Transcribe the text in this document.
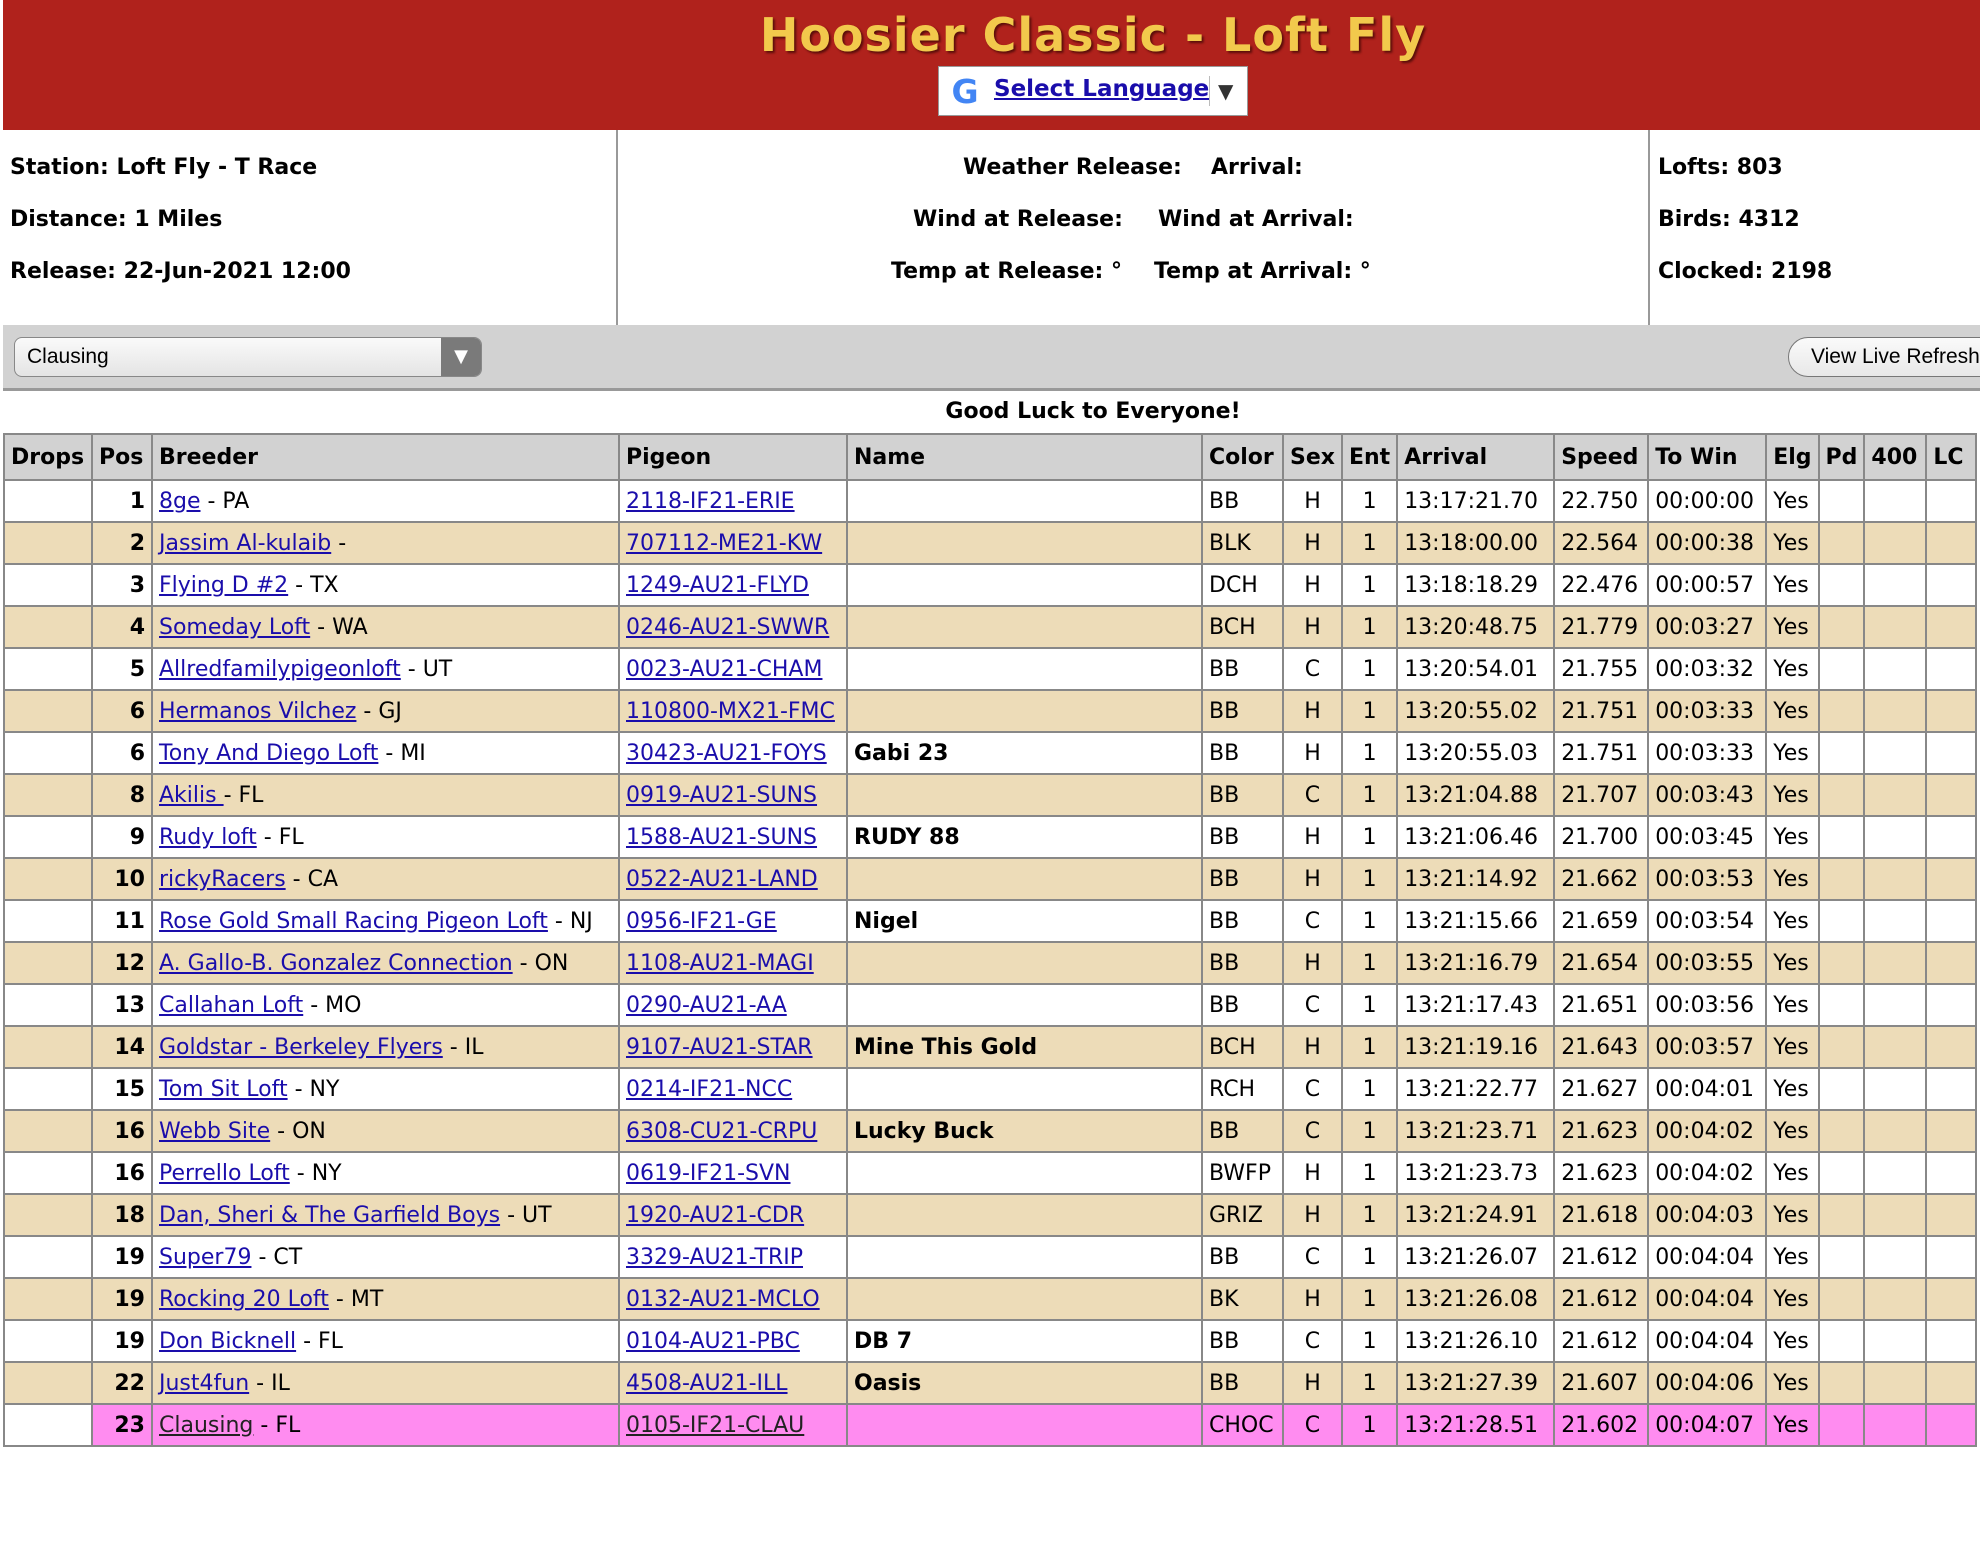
Hoosier Classic - Loft Fly
G Select Language ▼
Station: Loft Fly - T Race
Distance: 1 Miles
Release: 22-Jun-2021 12:00
Weather Release: Arrival:
Wind at Release: Wind at Arrival:
Temp at Release: ° Temp at Arrival: °
Lofts: 803
Birds: 4312
Clocked: 2198
Clausing	▼	View Live Refresh
Good Luck to Everyone!
Drops	Pos	Breeder	Pigeon	Name	Color	Sex	Ent	Arrival	Speed	To Win	Elg	Pd	400	LC
	1	8ge - PA	2118-IF21-ERIE		BB	H	1	13:17:21.70	22.750	00:00:00	Yes			
	2	Jassim Al-kulaib -	707112-ME21-KW		BLK	H	1	13:18:00.00	22.564	00:00:38	Yes			
	3	Flying D #2 - TX	1249-AU21-FLYD		DCH	H	1	13:18:18.29	22.476	00:00:57	Yes			
	4	Someday Loft - WA	0246-AU21-SWWR		BCH	H	1	13:20:48.75	21.779	00:03:27	Yes			
	5	Allredfamilypigeonloft - UT	0023-AU21-CHAM		BB	C	1	13:20:54.01	21.755	00:03:32	Yes			
	6	Hermanos Vilchez - GJ	110800-MX21-FMC		BB	H	1	13:20:55.02	21.751	00:03:33	Yes			
	6	Tony And Diego Loft - MI	30423-AU21-FOYS	Gabi 23	BB	H	1	13:20:55.03	21.751	00:03:33	Yes			
	8	Akilis - FL	0919-AU21-SUNS		BB	C	1	13:21:04.88	21.707	00:03:43	Yes			
	9	Rudy loft - FL	1588-AU21-SUNS	RUDY 88	BB	H	1	13:21:06.46	21.700	00:03:45	Yes			
	10	rickyRacers - CA	0522-AU21-LAND		BB	H	1	13:21:14.92	21.662	00:03:53	Yes			
	11	Rose Gold Small Racing Pigeon Loft - NJ	0956-IF21-GE	Nigel	BB	C	1	13:21:15.66	21.659	00:03:54	Yes			
	12	A. Gallo-B. Gonzalez Connection - ON	1108-AU21-MAGI		BB	H	1	13:21:16.79	21.654	00:03:55	Yes			
	13	Callahan Loft - MO	0290-AU21-AA		BB	C	1	13:21:17.43	21.651	00:03:56	Yes			
	14	Goldstar - Berkeley Flyers - IL	9107-AU21-STAR	Mine This Gold	BCH	H	1	13:21:19.16	21.643	00:03:57	Yes			
	15	Tom Sit Loft - NY	0214-IF21-NCC		RCH	C	1	13:21:22.77	21.627	00:04:01	Yes			
	16	Webb Site - ON	6308-CU21-CRPU	Lucky Buck	BB	C	1	13:21:23.71	21.623	00:04:02	Yes			
	16	Perrello Loft - NY	0619-IF21-SVN		BWFP	H	1	13:21:23.73	21.623	00:04:02	Yes			
	18	Dan, Sheri & The Garfield Boys - UT	1920-AU21-CDR		GRIZ	H	1	13:21:24.91	21.618	00:04:03	Yes			
	19	Super79 - CT	3329-AU21-TRIP		BB	C	1	13:21:26.07	21.612	00:04:04	Yes			
	19	Rocking 20 Loft - MT	0132-AU21-MCLO		BK	H	1	13:21:26.08	21.612	00:04:04	Yes			
	19	Don Bicknell - FL	0104-AU21-PBC	DB 7	BB	C	1	13:21:26.10	21.612	00:04:04	Yes			
	22	Just4fun - IL	4508-AU21-ILL	Oasis	BB	H	1	13:21:27.39	21.607	00:04:06	Yes			
	23	Clausing - FL	0105-IF21-CLAU		CHOC	C	1	13:21:28.51	21.602	00:04:07	Yes			
